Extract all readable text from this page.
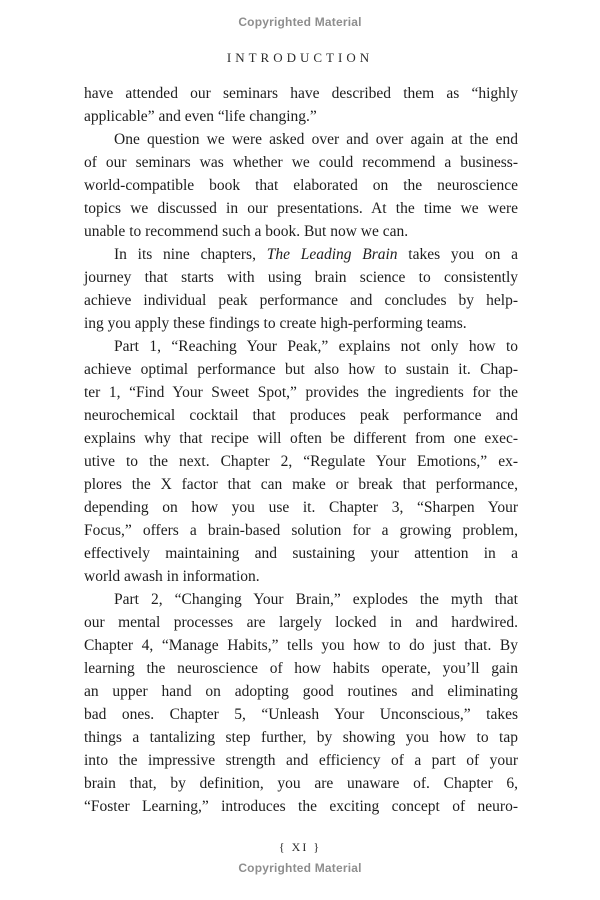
Copyrighted Material
INTRODUCTION
have attended our seminars have described them as “highly
applicable” and even “life changing.”
One question we were asked over and over again at the end
of our seminars was whether we could recommend a business-
world-compatible book that elaborated on the neuroscience
topics we discussed in our presentations. At the time we were
unable to recommend such a book. But now we can.
In its nine chapters, The Leading Brain takes you on a
journey that starts with using brain science to consistently
achieve individual peak performance and concludes by help-
ing you apply these findings to create high-performing teams.
Part 1, “Reaching Your Peak,” explains not only how to
achieve optimal performance but also how to sustain it. Chap-
ter 1, “Find Your Sweet Spot,” provides the ingredients for the
neurochemical cocktail that produces peak performance and
explains why that recipe will often be different from one exec-
utive to the next. Chapter 2, “Regulate Your Emotions,” ex-
plores the X factor that can make or break that performance,
depending on how you use it. Chapter 3, “Sharpen Your
Focus,” offers a brain-based solution for a growing problem,
effectively maintaining and sustaining your attention in a
world awash in information.
Part 2, “Changing Your Brain,” explodes the myth that
our mental processes are largely locked in and hardwired.
Chapter 4, “Manage Habits,” tells you how to do just that. By
learning the neuroscience of how habits operate, you’ll gain
an upper hand on adopting good routines and eliminating
bad ones. Chapter 5, “Unleash Your Unconscious,” takes
things a tantalizing step further, by showing you how to tap
into the impressive strength and efficiency of a part of your
brain that, by definition, you are unaware of. Chapter 6,
“Foster Learning,” introduces the exciting concept of neuro-
{ XI }
Copyrighted Material
